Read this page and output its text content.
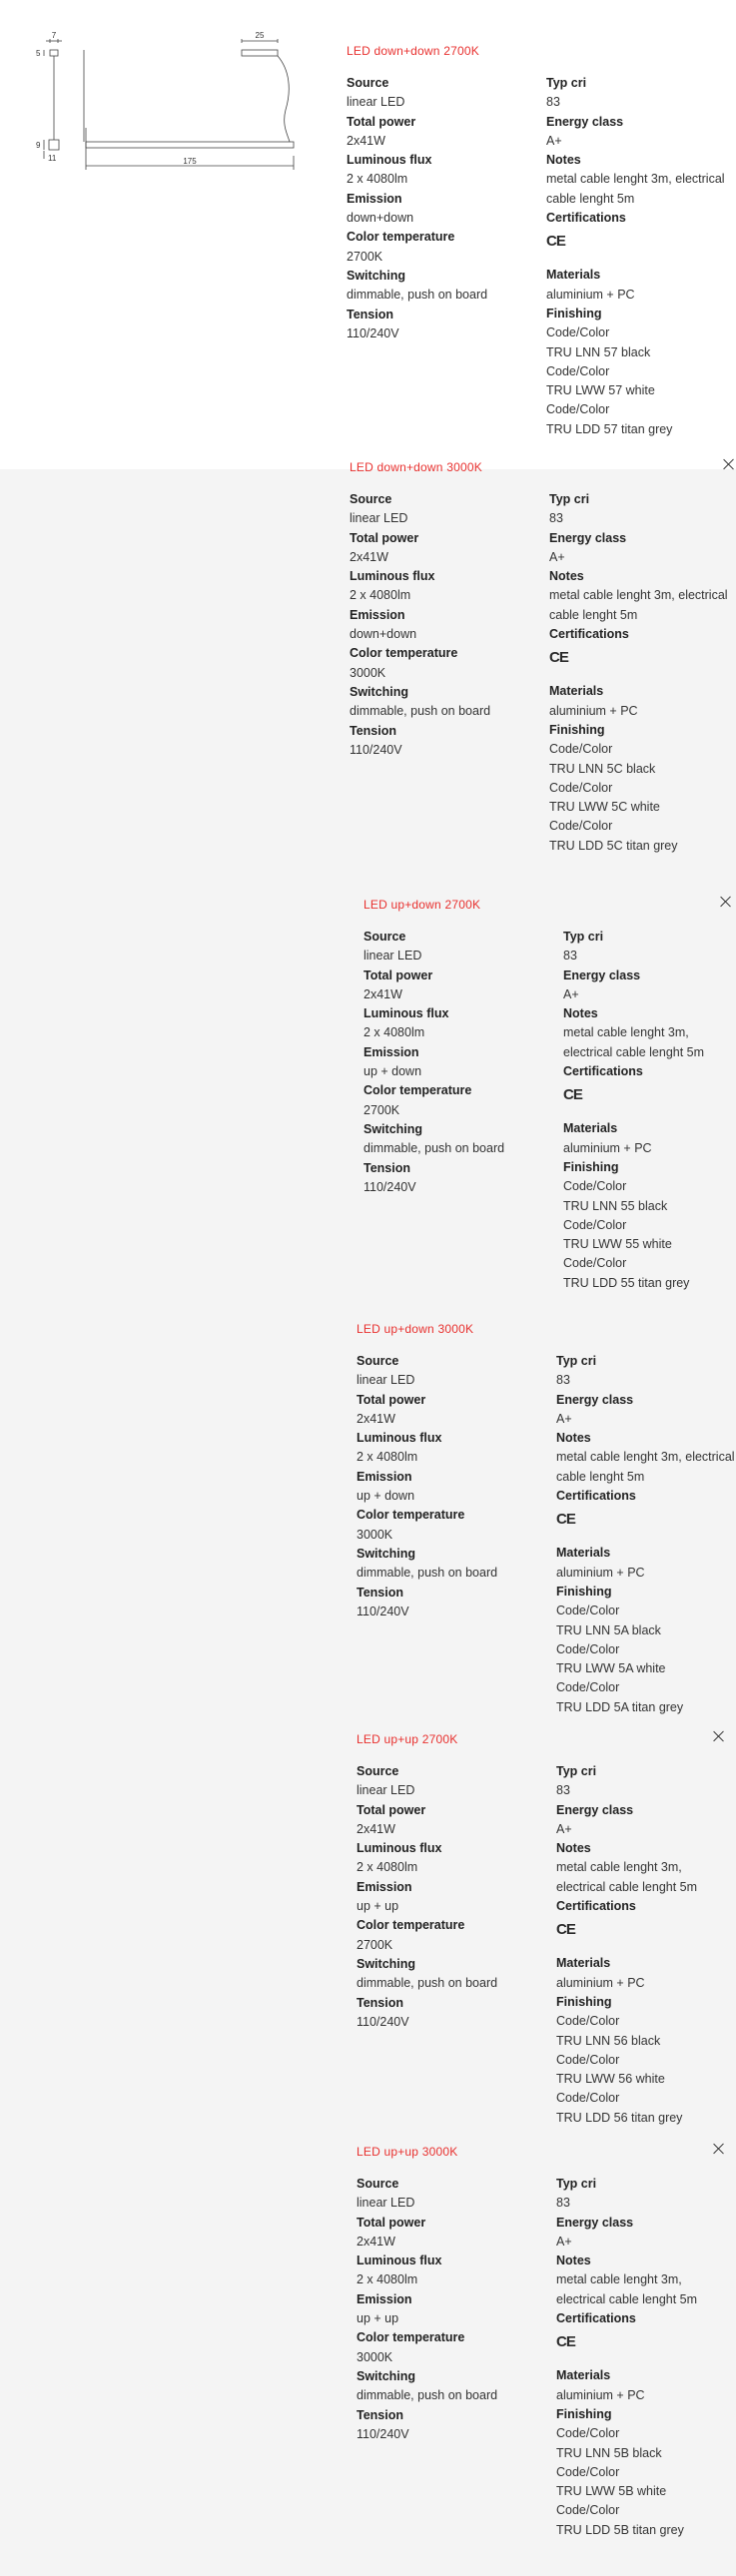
7
5
25
9
11	175
LED down+down 2700K
Source
linear LED
Total power
2x41W
Luminous flux
2 x 4080lm
Emission
down+down
Color temperature
2700K
Switching
dimmable, push on board
Tension
110/240V
Typ cri
83
Energy class
A+
Notes
metal cable lenght 3m, electrical cable lenght 5m
Certifications
CE
Materials
aluminium + PC
Finishing
Code/Color
TRU LNN 57 black
Code/Color
TRU LWW 57 white
Code/Color
TRU LDD 57 titan grey
LED down+down 3000K
Source
linear LED
Total power
2x41W
Luminous flux
2 x 4080lm
Emission
down+down
Color temperature
3000K
Switching
dimmable, push on board
Tension
110/240V
Typ cri
83
Energy class
A+
Notes
metal cable lenght 3m, electrical cable lenght 5m
Certifications
CE
Materials
aluminium + PC
Finishing
Code/Color
TRU LNN 5C black
Code/Color
TRU LWW 5C white
Code/Color
TRU LDD 5C titan grey
LED up+down 2700K
Source
linear LED
Total power
2x41W
Luminous flux
2 x 4080lm
Emission
up + down
Color temperature
2700K
Switching
dimmable, push on board
Tension
110/240V
Typ cri
83
Energy class
A+
Notes
metal cable lenght 3m, electrical cable lenght 5m
Certifications
CE
Materials
aluminium + PC
Finishing
Code/Color
TRU LNN 55 black
Code/Color
TRU LWW 55 white
Code/Color
TRU LDD 55 titan grey
LED up+down 3000K
Source
linear LED
Total power
2x41W
Luminous flux
2 x 4080lm
Emission
up + down
Color temperature
3000K
Switching
dimmable, push on board
Tension
110/240V
Typ cri
83
Energy class
A+
Notes
metal cable lenght 3m, electrical cable lenght 5m
Certifications
CE
Materials
aluminium + PC
Finishing
Code/Color
TRU LNN 5A black
Code/Color
TRU LWW 5A white
Code/Color
TRU LDD 5A titan grey
LED up+up 2700K
Source
linear LED
Total power
2x41W
Luminous flux
2 x 4080lm
Emission
up + up
Color temperature
2700K
Switching
dimmable, push on board
Tension
110/240V
Typ cri
83
Energy class
A+
Notes
metal cable lenght 3m, electrical cable lenght 5m
Certifications
CE
Materials
aluminium + PC
Finishing
Code/Color
TRU LNN 56 black
Code/Color
TRU LWW 56 white
Code/Color
TRU LDD 56 titan grey
LED up+up 3000K
Source
linear LED
Total power
2x41W
Luminous flux
2 x 4080lm
Emission
up + up
Color temperature
3000K
Switching
dimmable, push on board
Tension
110/240V
Typ cri
83
Energy class
A+
Notes
metal cable lenght 3m, electrical cable lenght 5m
Certifications
CE
Materials
aluminium + PC
Finishing
Code/Color
TRU LNN 5B black
Code/Color
TRU LWW 5B white
Code/Color
TRU LDD 5B titan grey
